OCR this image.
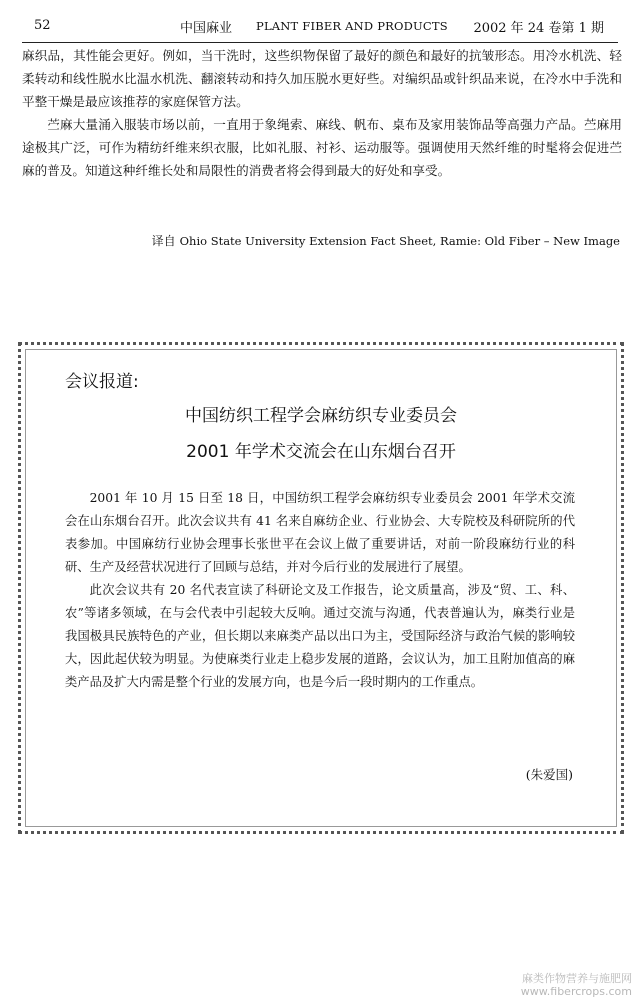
52	中国麻业 PLANT FIBER AND PRODUCTS 2002 年 24 卷第 1 期

麻织品，其性能会更好。例如，当干洗时，这些织物保留了最好的颜色和最好的抗皱形态。用冷水机洗、轻柔转动和线性脱水比温水机洗、翻滚转动和持久加压脱水更好些。对编织品或针织品来说，在冷水中手洗和平整干燥是最应该推荐的家庭保管方法。

苎麻大量涌入服装市场以前，一直用于象绳索、麻线、帆布、桌布及家用装饰品等高强力产品。苎麻用途极其广泛，可作为精纺纤维来织衣服，比如礼服、衬衫、运动服等。强调使用天然纤维的时髦将会促进苎麻的普及。知道这种纤维长处和局限性的消费者将会得到最大的好处和享受。

译自 Ohio State University Extension Fact Sheet, Ramie: Old Fiber – New Image
会议报道:
中国纺织工程学会麻纺织专业委员会
2001 年学术交流会在山东烟台召开

2001 年 10 月 15 日至 18 日，中国纺织工程学会麻纺织专业委员会 2001 年学术交流会在山东烟台召开。此次会议共有 41 名来自麻纺企业、行业协会、大专院校及科研院所的代表参加。中国麻纺行业协会理事长张世平在会议上做了重要讲话，对前一阶段麻纺行业的科研、生产及经营状况进行了回顾与总结，并对今后行业的发展进行了展望。

此次会议共有 20 名代表宣读了科研论文及工作报告，论文质量高，涉及“贸、工、科、农”等诸多领域，在与会代表中引起较大反响。通过交流与沟通，代表普遍认为，麻类行业是我国极具民族特色的产业，但长期以来麻类产品以出口为主，受国际经济与政治气候的影响较大，因此起伏较为明显。为使麻类行业走上稳步发展的道路，会议认为，加工且附加值高的麻类产品及扩大内需是整个行业的发展方向，也是今后一段时期内的工作重点。

(朱爱国)
麻类作物营养与施肥网
www.fibercrops.com
